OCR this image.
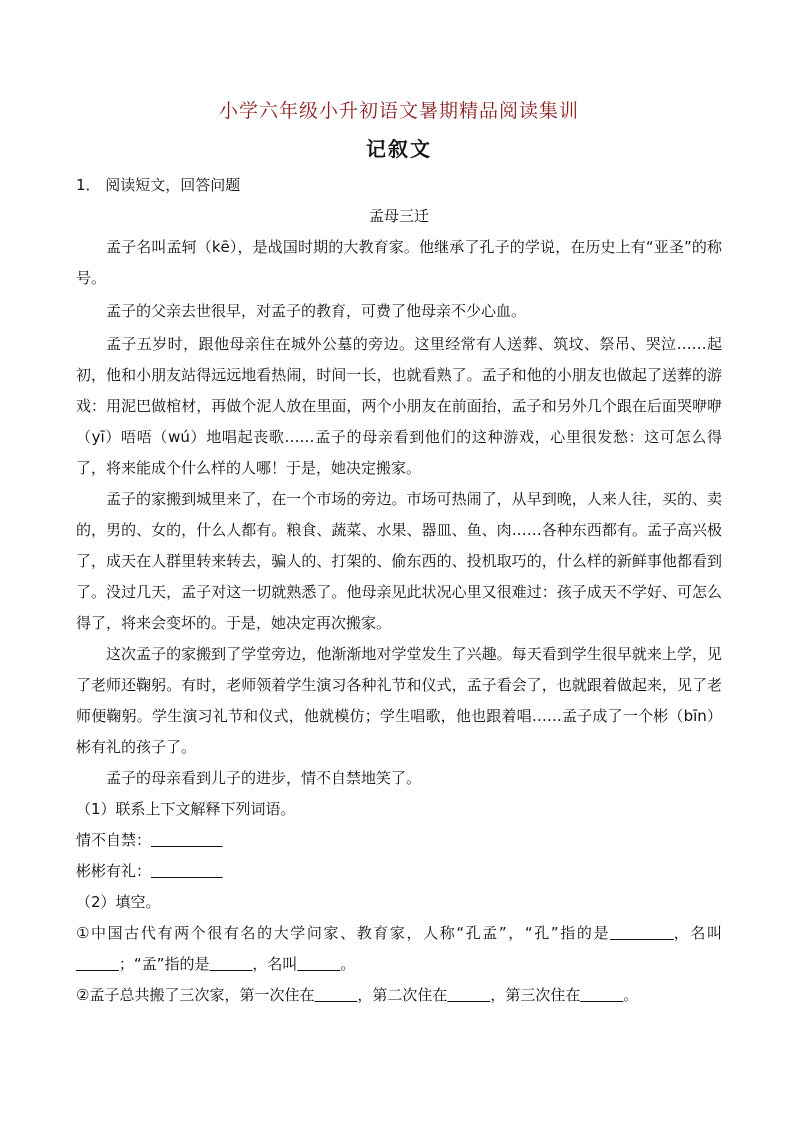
小学六年级小升初语文暑期精品阅读集训

记叙文

1． 阅读短文，回答问题

孟母三迁

孟子名叫孟轲（kē），是战国时期的大教育家。他继承了孔子的学说，在历史上有“亚圣”的称号。

孟子的父亲去世很早，对孟子的教育，可费了他母亲不少心血。

孟子五岁时，跟他母亲住在城外公墓的旁边。这里经常有人送葬、筑坟、祭吊、哭泣……起初，他和小朋友站得远远地看热闹，时间一长，也就看熟了。孟子和他的小朋友也做起了送葬的游戏：用泥巴做棺材，再做个泥人放在里面，两个小朋友在前面抬，孟子和另外几个跟在后面哭咿咿（yī）唔唔（wú）地唱起丧歌……孟子的母亲看到他们的这种游戏，心里很发愁：这可怎么得了，将来能成个什么样的人哪！于是，她决定搬家。

孟子的家搬到城里来了，在一个市场的旁边。市场可热闹了，从早到晚，人来人往，买的、卖的，男的、女的，什么人都有。粮食、蔬菜、水果、器皿、鱼、肉……各种东西都有。孟子高兴极了，成天在人群里转来转去，骗人的、打架的、偷东西的、投机取巧的，什么样的新鲜事他都看到了。没过几天，孟子对这一切就熟悉了。他母亲见此状况心里又很难过：孩子成天不学好、可怎么得了，将来会变坏的。于是，她决定再次搬家。

这次孟子的家搬到了学堂旁边，他渐渐地对学堂发生了兴趣。每天看到学生很早就来上学，见了老师还鞠躬。有时，老师领着学生演习各种礼节和仪式，孟子看会了，也就跟着做起来，见了老师便鞠躬。学生演习礼节和仪式，他就模仿；学生唱歌，他也跟着唱……孟子成了一个彬（bīn）彬有礼的孩子了。

孟子的母亲看到儿子的进步，情不自禁地笑了。

（1）联系上下文解释下列词语。

情不自禁：

彬彬有礼：

（2）填空。

①中国古代有两个很有名的大学问家、教育家，人称“孔孟”，“孔”指的是	，名叫         ；“孟”指的是	，名叫	。

②孟子总共搬了三次家，第一次住在	，第二次住在	，第三次住在	。
